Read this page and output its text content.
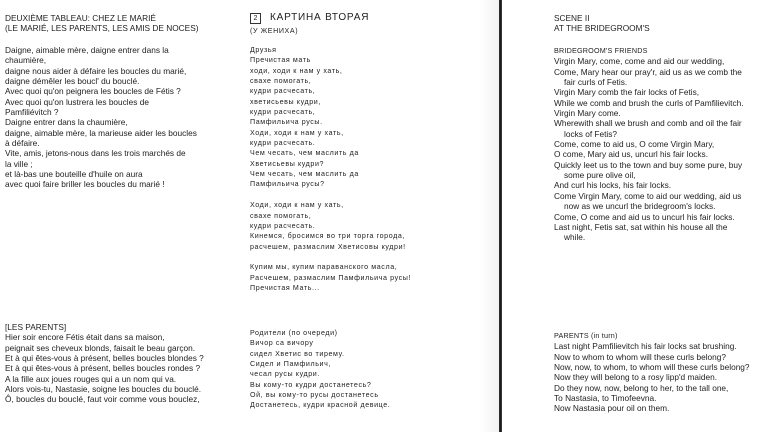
DEUXIÈME TABLEAU: CHEZ LE MARIÉ
(LE MARIÉ, LES PARENTS, LES AMIS DE NOCES)
Daigne, aimable mère, daigne entrer dans la
chaumière,
daigne nous aider à défaire les boucles du marié,
daigne démêler les boucl' du bouclé.
Avec quoi qu'on peignera les boucles de Fétis ?
Avec quoi qu'on lustrera les boucles de
Pamfiliévitch ?
Daigne entrer dans la chaumière,
daigne, aimable mère, la marieuse aider les boucles
à défaire.
Vite, amis, jetons-nous dans les trois marchés de
la ville ;
et là-bas une bouteille d'huile on aura
avec quoi faire briller les boucles du marié !
[LES PARENTS]
Hier soir encore Fétis était dans sa maison,
peignait ses cheveux blonds, faisait le beau garçon.
Et à qui êtes-vous à présent, belles boucles blondes ?
Et à qui êtes-vous à présent, belles boucles rondes ?
A la fille aux joues rouges qui a un nom qui va.
Alors vois-tu, Nastasie, soigne les boucles du bouclé.
Ô, boucles du bouclé, faut voir comme vous bouclez,
2	КАРТИНА ВТОРАЯ
(У ЖЕНИХА)
Друзья
Пречистая мать
ходи, ходи к нам у хать,
свахе помогать,
кудри расчесать,
хветисьевы кудри,
кудри расчесать,
Памфильича русы.
Ходи, ходи к нам у хать,
кудри расчесать.
Чем чесать, чем маслить да
Хветисьевы кудри?
Чем чесать, чем маслить да
Памфильича русы?
Ходи, ходи к нам у хать,
свахе помогать,
кудри расчесать.
Кинемся, бросимся во три торга города,
расчешем, размаслим Хветисовы кудри!
Купим мы, купим параванского масла,
Расчешем, размаслим Памфильича русы!
Пречистая Мать...
Родители (по очереди)
Вичор са вичору
сидел Хветис во тирему.
Сидел и Памфильич,
чесал русы кудри.
Вы кому-то кудри достанетесь?
Ой, вы кому-то русы достанетесь
Достанетесь, кудри красной девице.
SCENE II
AT THE BRIDEGROOM'S
BRIDEGROOM'S FRIENDS
Virgin Mary, come, come and aid our wedding,
Come, Mary hear our pray'r, aid us as we comb the
fair curls of Fetis.
Virgin Mary comb the fair locks of Fetis,
While we comb and brush the curls of Pamfilievitch.
Virgin Mary come.
Wherewith shall we brush and comb and oil the fair
locks of Fetis?
Come, come to aid us, O come Virgin Mary,
O come, Mary aid us, uncurl his fair locks.
Quickly leet us to the town and buy some pure, buy
some pure olive oil,
And curl his locks, his fair locks.
Come Virgin Mary, come to aid our wedding, aid us
now as we uncurl the bridegroom's locks.
Come, O come and aid us to uncurl his fair locks.
Last night, Fetis sat, sat within his house all the
while.
PARENTS (in turn)
Last night Pamfilievitch his fair locks sat brushing.
Now to whom to whom will these curls belong?
Now, now, to whom, to whom will these curls belong?
Now they will belong to a rosy lipp'd maiden.
Do they now, now, belong to her, to the tall one,
To Nastasia, to Timofeevna.
Now Nastasia pour oil on them.
